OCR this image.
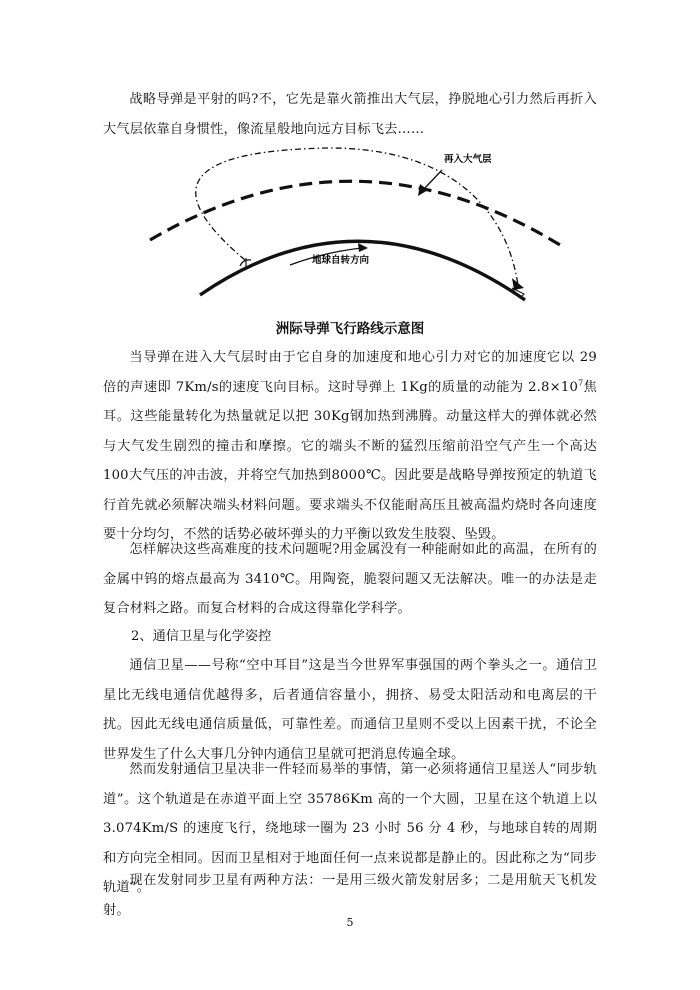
战略导弹是平射的吗?不，它先是靠火箭推出大气层，挣脱地心引力然后再折入大气层依靠自身惯性，像流星般地向远方目标飞去……

再入大气层
地球自转方向

洲际导弹飞行路线示意图

当导弹在进入大气层时由于它自身的加速度和地心引力对它的加速度它以 29 倍的声速即 7Km/s的速度飞向目标。这时导弹上 1Kg的质量的动能为 $2.8\times 10^7$焦耳。这些能量转化为热量就足以把 30Kg钢加热到沸腾。动量这样大的弹体就必然与大气发生剧烈的撞击和摩擦。它的端头不断的猛烈压缩前沿空气产生一个高达100大气压的冲击波，并将空气加热到8000℃。因此要是战略导弹按预定的轨道飞行首先就必须解决端头材料问题。要求端头不仅能耐高压且被高温灼烧时各向速度要十分均匀，不然的话势必破坏弹头的力平衡以致发生肢裂、坠毁。

怎样解决这些高难度的技术问题呢?用金属没有一种能耐如此的高温，在所有的金属中钨的熔点最高为 3410℃。用陶瓷，脆裂问题又无法解决。唯一的办法是走复合材料之路。而复合材料的合成这得靠化学科学。

2、通信卫星与化学姿控

通信卫星——号称“空中耳目”这是当今世界军事强国的两个拳头之一。通信卫星比无线电通信优越得多，后者通信容量小，拥挤、易受太阳活动和电离层的干扰。因此无线电通信质量低，可靠性差。而通信卫星则不受以上因素干扰，不论全世界发生了什么大事几分钟内通信卫星就可把消息传遍全球。

然而发射通信卫星决非一件轻而易举的事情，第一必须将通信卫星送人“同步轨道”。这个轨道是在赤道平面上空 35786Km 高的一个大圆，卫星在这个轨道上以 3.074Km/S 的速度飞行，绕地球一圈为 23 小时 56 分 4 秒，与地球自转的周期和方向完全相同。因而卫星相对于地面任何一点来说都是静止的。因此称之为“同步轨道”。

现在发射同步卫星有两种方法：一是用三级火箭发射居多；二是用航天飞机发射。

5
